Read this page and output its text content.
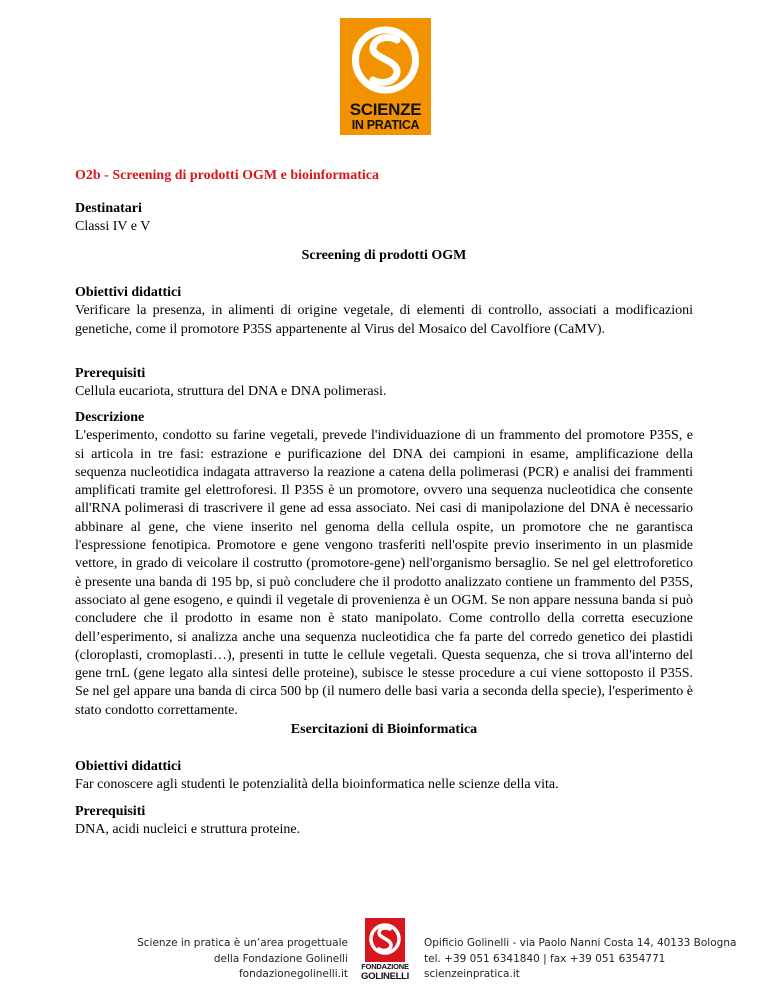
SCIENZE
IN PRATICA
O2b - Screening di prodotti OGM e bioinformatica
Destinatari

Classi IV e V

Screening di prodotti OGM
Obiettivi didattici

Verificare la presenza, in alimenti di origine vegetale, di elementi di controllo, associati a modificazioni genetiche, come il promotore P35S appartenente al Virus del Mosaico del Cavolfiore (CaMV).

Prerequisiti

Cellula eucariota, struttura del DNA e DNA polimerasi.

Descrizione

L'esperimento, condotto su farine vegetali, prevede l'individuazione di un frammento del promotore P35S, e si articola in tre fasi: estrazione e purificazione del DNA dei campioni in esame, amplificazione della sequenza nucleotidica indagata attraverso la reazione a catena della polimerasi (PCR) e analisi dei frammenti amplificati tramite gel elettroforesi. Il P35S è un promotore, ovvero una sequenza nucleotidica che consente all'RNA polimerasi di trascrivere il gene ad essa associato. Nei casi di manipolazione del DNA è necessario abbinare al gene, che viene inserito nel genoma della cellula ospite, un promotore che ne garantisca l'espressione fenotipica. Promotore e gene vengono trasferiti nell'ospite previo inserimento in un plasmide vettore, in grado di veicolare il costrutto (promotore-gene) nell'organismo bersaglio. Se nel gel elettroforetico è presente una banda di 195 bp, si può concludere che il prodotto analizzato contiene un frammento del P35S, associato al gene esogeno, e quindi il vegetale di provenienza è un OGM. Se non appare nessuna banda si può concludere che il prodotto in esame non è stato manipolato. Come controllo della corretta esecuzione dell’esperimento, si analizza anche una sequenza nucleotidica che fa parte del corredo genetico dei plastidi (cloroplasti, cromoplasti…), presenti in tutte le cellule vegetali. Questa sequenza, che si trova all'interno del gene trnL (gene legato alla sintesi delle proteine), subisce le stesse procedure a cui viene sottoposto il P35S. Se nel gel appare una banda di circa 500 bp (il numero delle basi varia a seconda della specie), l'esperimento è stato condotto correttamente.

Esercitazioni di Bioinformatica
Obiettivi didattici

Far conoscere agli studenti le potenzialità della bioinformatica nelle scienze della vita.

Prerequisiti

DNA, acidi nucleici e struttura proteine.

Scienze in pratica è un’area progettuale
della Fondazione Golinelli
fondazionegolinelli.it
FONDAZIONE
GOLINELLI
Opificio Golinelli - via Paolo Nanni Costa 14, 40133 Bologna
tel. +39 051 6341840 | fax +39 051 6354771
scienzeinpratica.it
